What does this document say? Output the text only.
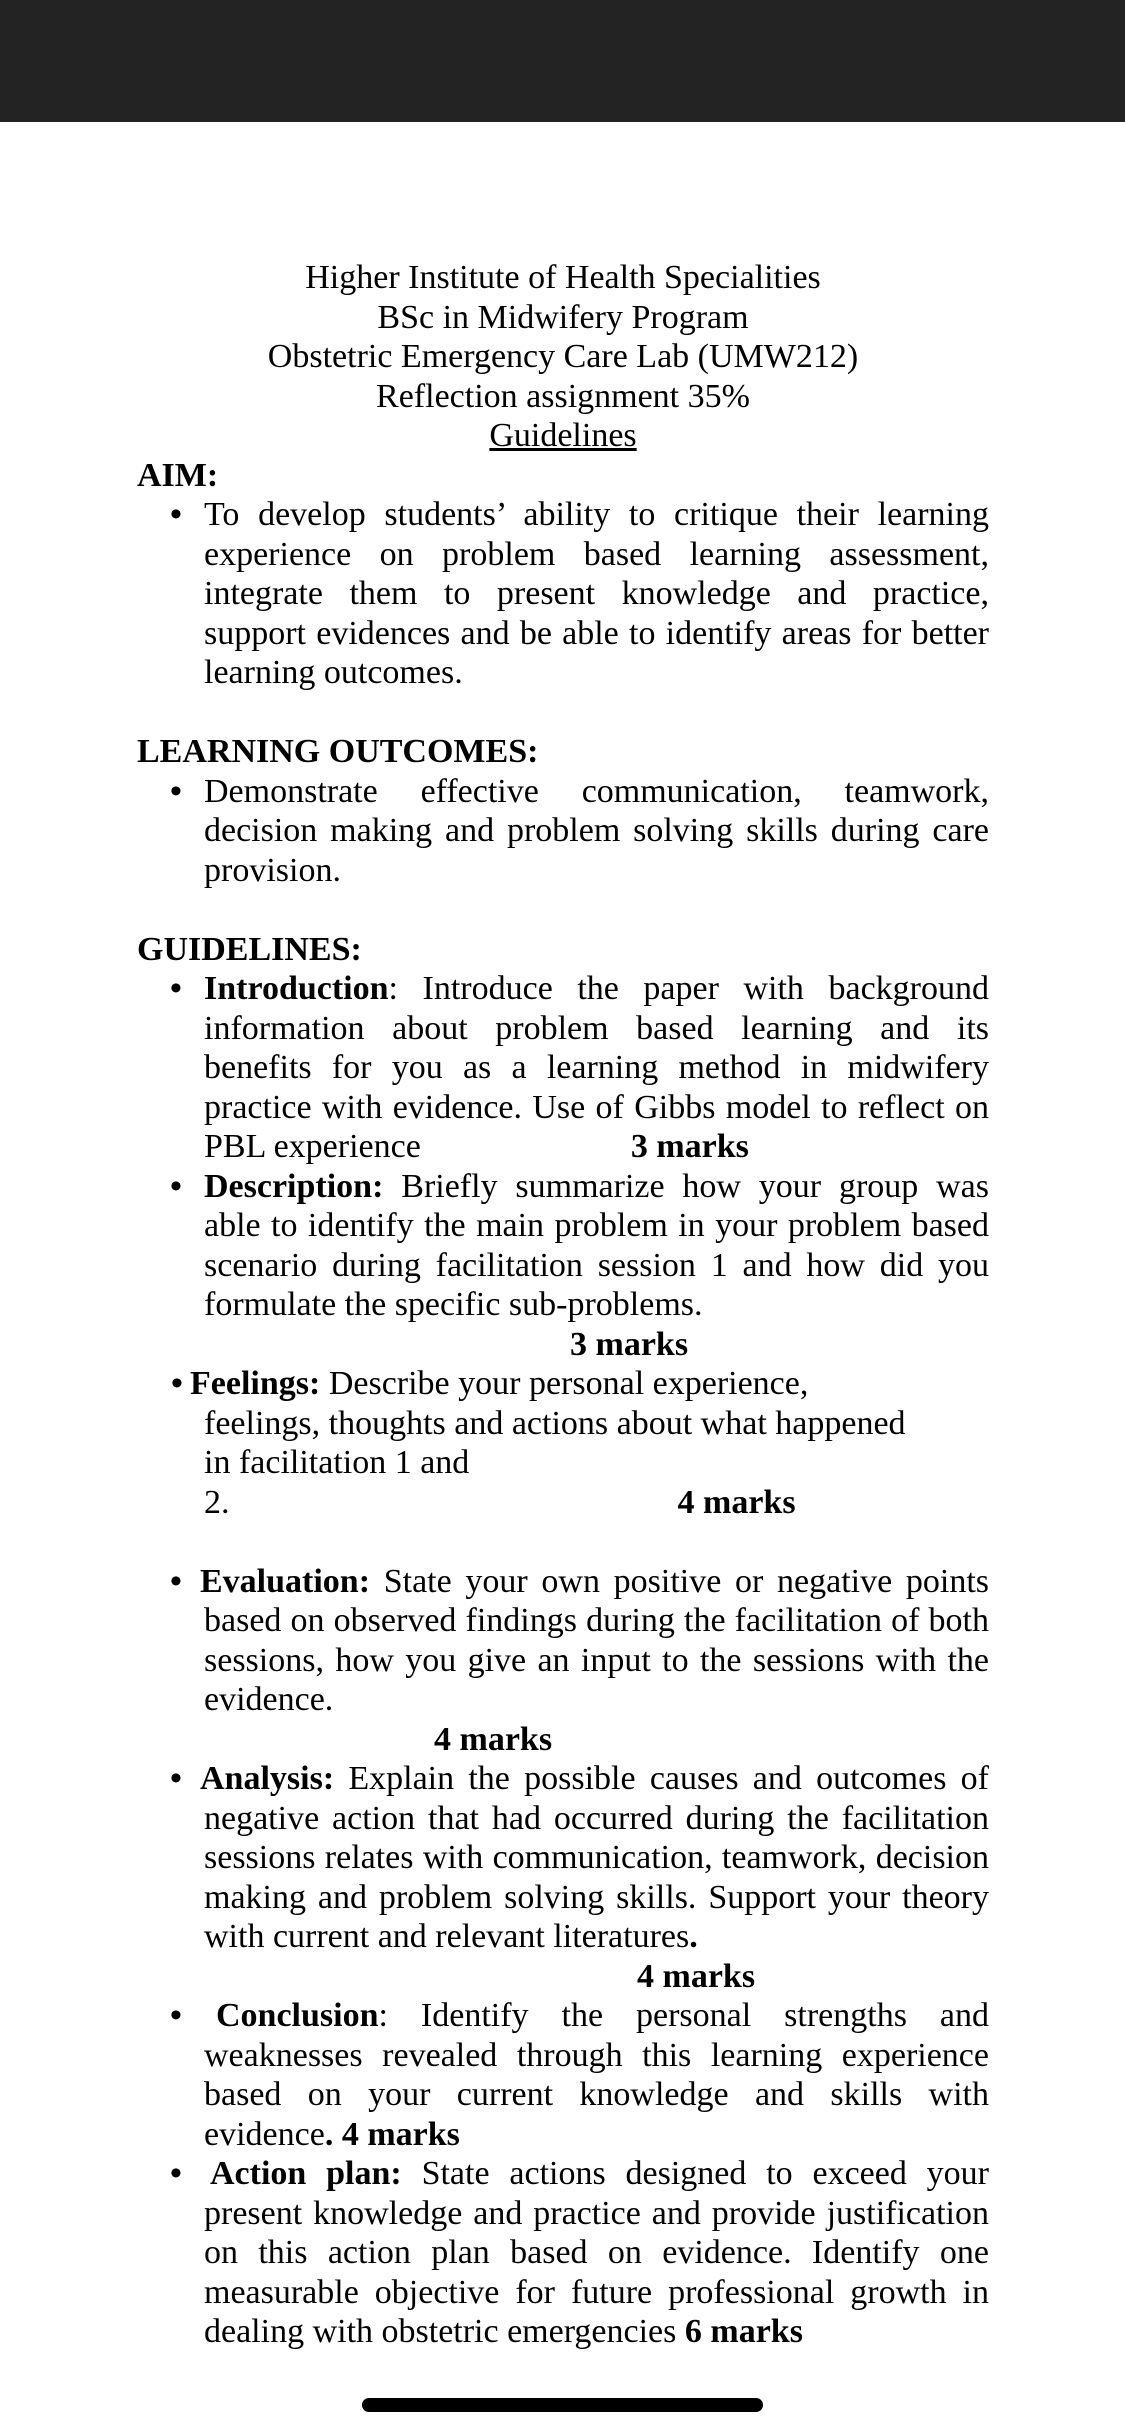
Higher Institute of Health Specialities
BSc in Midwifery Program
Obstetric Emergency Care Lab (UMW212)
Reflection assignment 35%
Guidelines
AIM:
• To develop students’ ability to critique their learning experience on problem based learning assessment, integrate them to present knowledge and practice, support evidences and be able to identify areas for better learning outcomes.
LEARNING OUTCOMES:
• Demonstrate effective communication, teamwork, decision making and problem solving skills during care provision.
GUIDELINES:
• Introduction: Introduce the paper with background information about problem based learning and its benefits for you as a learning method in midwifery practice with evidence. Use of Gibbs model to reflect on PBL experience	3 marks
• Description: Briefly summarize how your group was able to identify the main problem in your problem based scenario during facilitation session 1 and how did you formulate the specific sub-problems.
3 marks
• Feelings: Describe your personal experience, feelings, thoughts and actions about what happened in facilitation 1 and 2.	4 marks
• Evaluation: State your own positive or negative points based on observed findings during the facilitation of both sessions, how you give an input to the sessions with the evidence.
4 marks
• Analysis: Explain the possible causes and outcomes of negative action that had occurred during the facilitation sessions relates with communication, teamwork, decision making and problem solving skills. Support your theory with current and relevant literatures.
4 marks
• Conclusion: Identify the personal strengths and weaknesses revealed through this learning experience based on your current knowledge and skills with evidence. 4 marks
• Action plan: State actions designed to exceed your present knowledge and practice and provide justification on this action plan based on evidence. Identify one measurable objective for future professional growth in dealing with obstetric emergencies 6 marks
